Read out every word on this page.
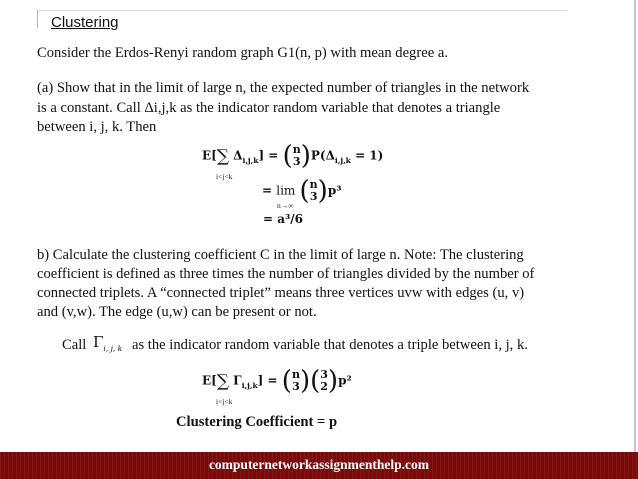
Clustering
Consider the Erdos-Renyi random graph G1(n, p) with mean degree a.
(a) Show that in the limit of large n, the expected number of triangles in the network
is a constant. Call Δi,j,k as the indicator random variable that denotes a triangle
between i, j, k. Then
E[∑ $\Delta_{i,j,k}$] = ( n
3 ) $P(\Delta_{i,j,k} = 1)$
i<j<k
= lim ( n
3 ) p³
n→∞
= a³/6
b) Calculate the clustering coefficient C in the limit of large n. Note: The clustering
coefficient is defined as three times the number of triangles divided by the number of
connected triplets. A “connected triplet” means three vertices uvw with edges (u, v)
and (v,w). The edge (u,w) can be present or not.
Call $\Gamma_{i, j, k}$ as the indicator random variable that denotes a triple between i, j, k.
E[∑ $\Gamma_{i,j,k}$] = ( n
3 ) ( 3
2 ) p²
i<j<k
Clustering Coefficient = p
computernetworkassignmenthelp.com
